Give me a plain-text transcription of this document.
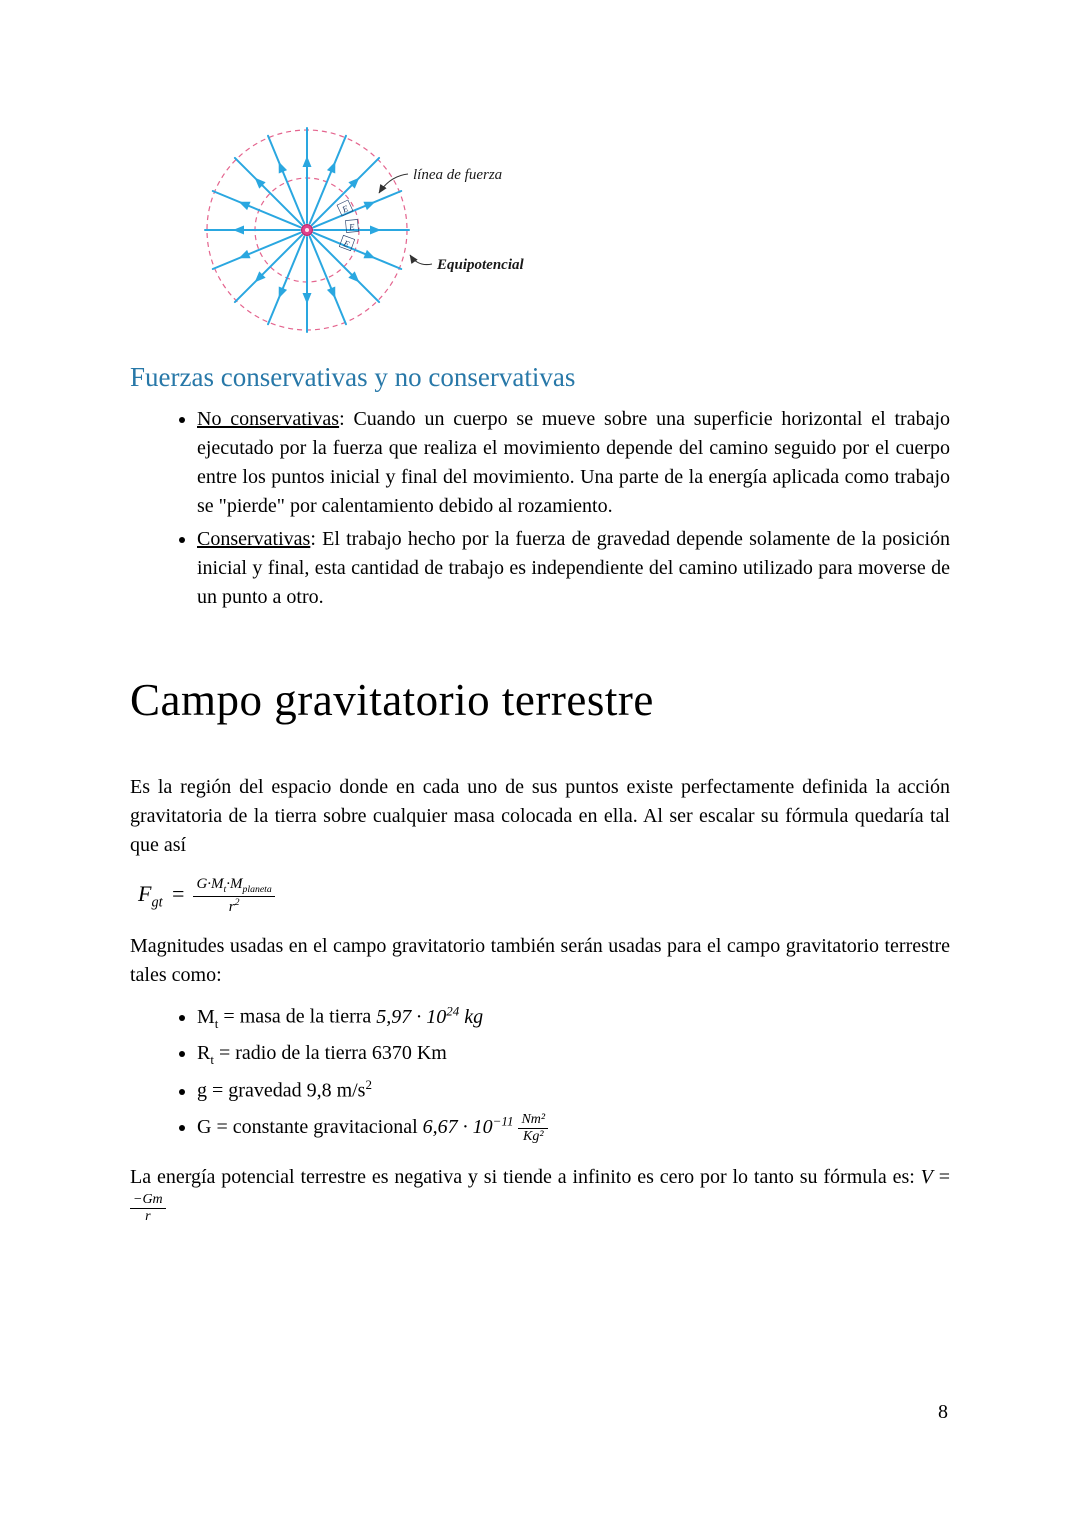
E
E
E
línea de fuerza
Equipotencial
Fuerzas conservativas y no conservativas
• No conservativas: Cuando un cuerpo se mueve sobre una superficie horizontal el trabajo ejecutado por la fuerza que realiza el movimiento depende del camino seguido por el cuerpo entre los puntos inicial y final del movimiento. Una parte de la energía aplicada como trabajo se "pierde" por calentamiento debido al rozamiento.
• Conservativas: El trabajo hecho por la fuerza de gravedad depende solamente de la posición inicial y final, esta cantidad de trabajo es independiente del camino utilizado para moverse de un punto a otro.
Campo gravitatorio terrestre

Es la región del espacio donde en cada uno de sus puntos existe perfectamente definida la acción gravitatoria de la tierra sobre cualquier masa colocada en ella. Al ser escalar su fórmula quedaría tal que así

$F_{gt} = \frac{G\cdot M_t\cdot M_{planeta}}{r^2}$

Magnitudes usadas en el campo gravitatorio también serán usadas para el campo gravitatorio terrestre tales como:

• $M_t$ = masa de la tierra $5,97 \cdot 10^{24}$ kg
• $R_t$ = radio de la tierra 6370 Km
• g = gravedad 9,8 $m/s^2$
• G = constante gravitacional $6,67 \cdot 10^{-11} \frac{\text{Nm²}}{\text{Kg²}}$

La energía potencial terrestre es negativa y si tiende a infinito es cero por lo tanto su fórmula es: V =
$\frac{-Gm}{r}$

8
